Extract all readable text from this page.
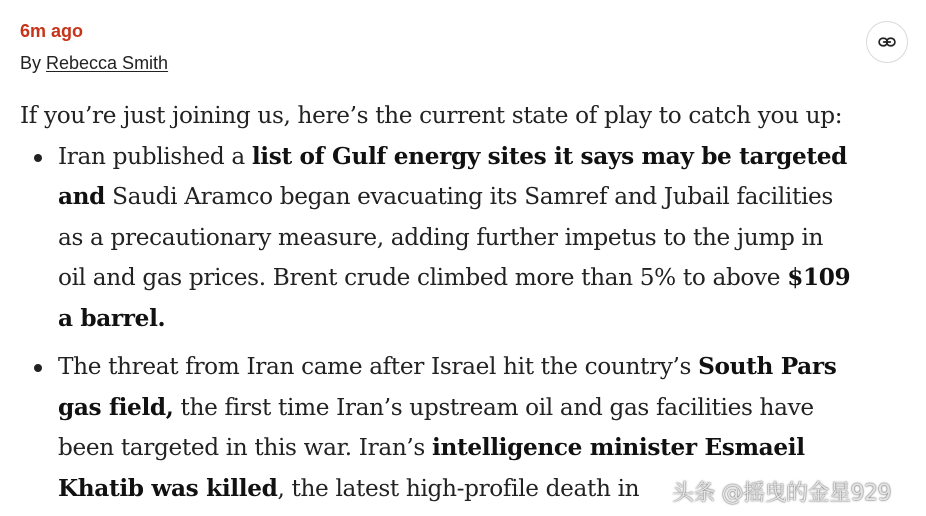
6m ago
By Rebecca Smith

If you’re just joining us, here’s the current state of play to catch you up:

Iran published a list of Gulf energy sites it says may be targeted
and Saudi Aramco began evacuating its Samref and Jubail facilities
as a precautionary measure, adding further impetus to the jump in
oil and gas prices. Brent crude climbed more than 5% to above $109
a barrel.
The threat from Iran came after Israel hit the country’s South Pars
gas field, the first time Iran’s upstream oil and gas facilities have
been targeted in this war. Iran’s intelligence minister Esmaeil
Khatib was killed, the latest high-profile death in	头条 @摇曳的金星929
